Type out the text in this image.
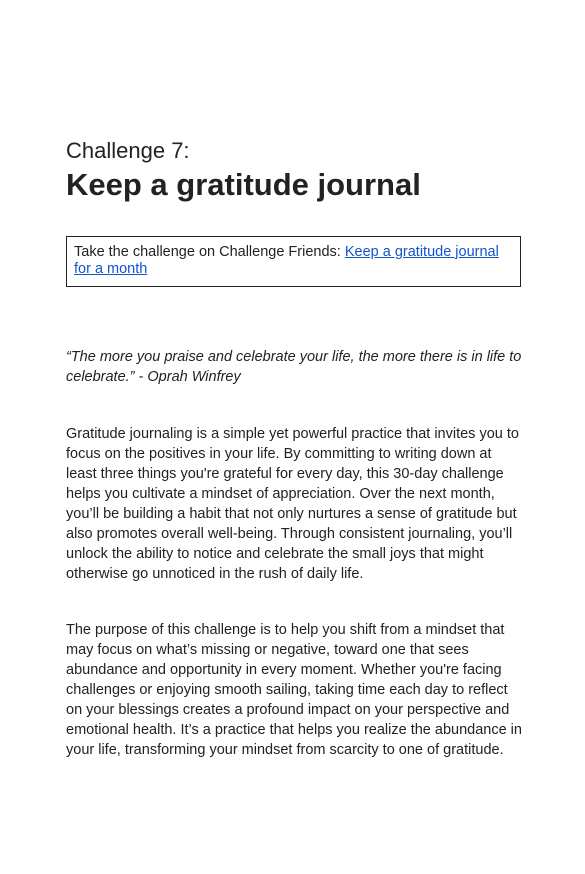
Challenge 7:
Keep a gratitude journal
Take the challenge on Challenge Friends: Keep a gratitude journal for a month

“The more you praise and celebrate your life, the more there is in life to celebrate.” - Oprah Winfrey

Gratitude journaling is a simple yet powerful practice that invites you to focus on the positives in your life. By committing to writing down at least three things you're grateful for every day, this 30-day challenge helps you cultivate a mindset of appreciation. Over the next month, you’ll be building a habit that not only nurtures a sense of gratitude but also promotes overall well-being. Through consistent journaling, you’ll unlock the ability to notice and celebrate the small joys that might otherwise go unnoticed in the rush of daily life.

The purpose of this challenge is to help you shift from a mindset that may focus on what’s missing or negative, toward one that sees abundance and opportunity in every moment. Whether you're facing challenges or enjoying smooth sailing, taking time each day to reflect on your blessings creates a profound impact on your perspective and emotional health. It’s a practice that helps you realize the abundance in your life, transforming your mindset from scarcity to one of gratitude.
